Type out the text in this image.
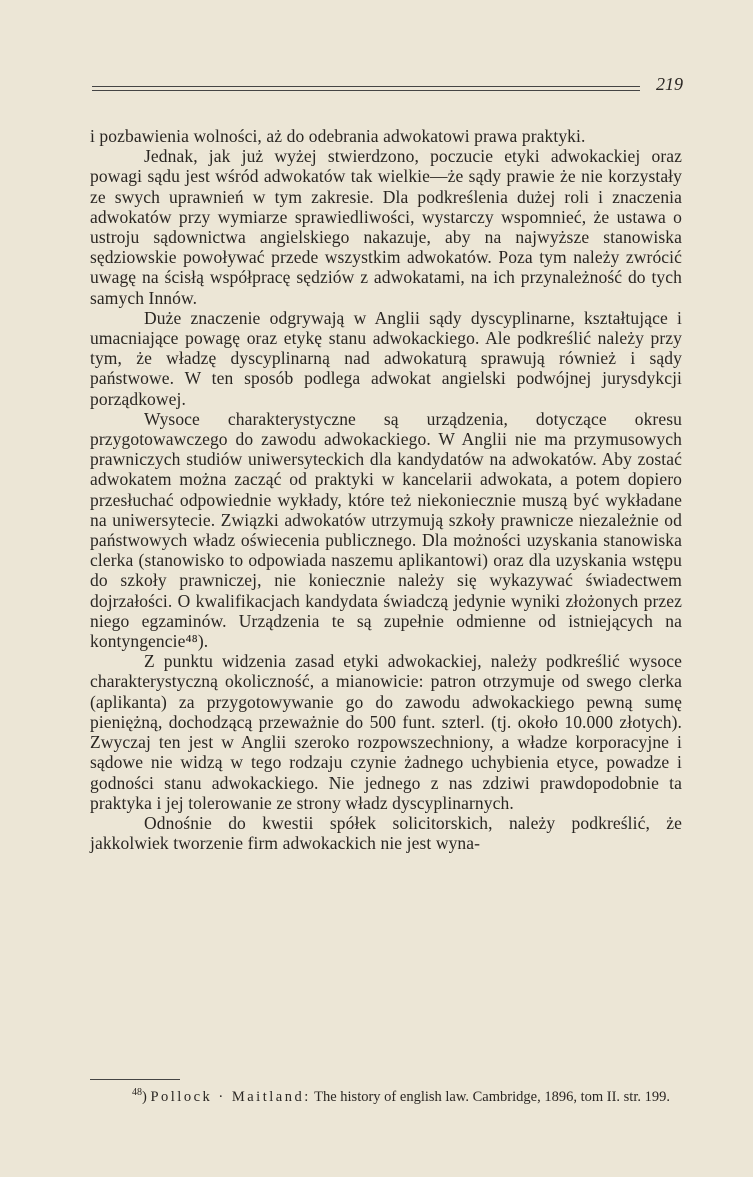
219

i pozbawienia wolności, aż do odebrania adwokatowi prawa praktyki.

Jednak, jak już wyżej stwierdzono, poczucie etyki adwokackiej oraz powagi sądu jest wśród adwokatów tak wielkie—że sądy prawie że nie korzystały ze swych uprawnień w tym zakresie. Dla podkreślenia dużej roli i znaczenia adwokatów przy wymiarze sprawiedliwości, wystarczy wspomnieć, że ustawa o ustroju sądownictwa angielskiego nakazuje, aby na najwyższe stanowiska sędziowskie powoływać przede wszystkim adwokatów. Poza tym należy zwrócić uwagę na ścisłą współpracę sędziów z adwokatami, na ich przynależność do tych samych Innów.

Duże znaczenie odgrywają w Anglii sądy dyscyplinarne, kształtujące i umacniające powagę oraz etykę stanu adwokackiego. Ale podkreślić należy przy tym, że władzę dyscyplinarną nad adwokaturą sprawują również i sądy państwowe. W ten sposób podlega adwokat angielski podwójnej jurysdykcji porządkowej.

Wysoce charakterystyczne są urządzenia, dotyczące okresu przygotowawczego do zawodu adwokackiego. W Anglii nie ma przymusowych prawniczych studiów uniwersyteckich dla kandydatów na adwokatów. Aby zostać adwokatem można zacząć od praktyki w kancelarii adwokata, a potem dopiero przesłuchać odpowiednie wykłady, które też niekoniecznie muszą być wykładane na uniwersytecie. Związki adwokatów utrzymują szkoły prawnicze niezależnie od państwowych władz oświecenia publicznego. Dla możności uzyskania stanowiska clerka (stanowisko to odpowiada naszemu aplikantowi) oraz dla uzyskania wstępu do szkoły prawniczej, nie koniecznie należy się wykazywać świadectwem dojrzałości. O kwalifikacjach kandydata świadczą jedynie wyniki złożonych przez niego egzaminów. Urządzenia te są zupełnie odmienne od istniejących na kontyngencie⁴⁸).

Z punktu widzenia zasad etyki adwokackiej, należy podkreślić wysoce charakterystyczną okoliczność, a mianowicie: patron otrzymuje od swego clerka (aplikanta) za przygotowywanie go do zawodu adwokackiego pewną sumę pieniężną, dochodzącą przeważnie do 500 funt. szterl. (tj. około 10.000 złotych). Zwyczaj ten jest w Anglii szeroko rozpowszechniony, a władze korporacyjne i sądowe nie widzą w tego rodzaju czynie żadnego uchybienia etyce, powadze i godności stanu adwokackiego. Nie jednego z nas zdziwi prawdopodobnie ta praktyka i jej tolerowanie ze strony władz dyscyplinarnych.

Odnośnie do kwestii spółek solicitorskich, należy podkreślić, że jakkolwiek tworzenie firm adwokackich nie jest wyna-

$^{48}$) Pollock · Maitland: The history of english law. Cambridge, 1896, tom II. str. 199.
